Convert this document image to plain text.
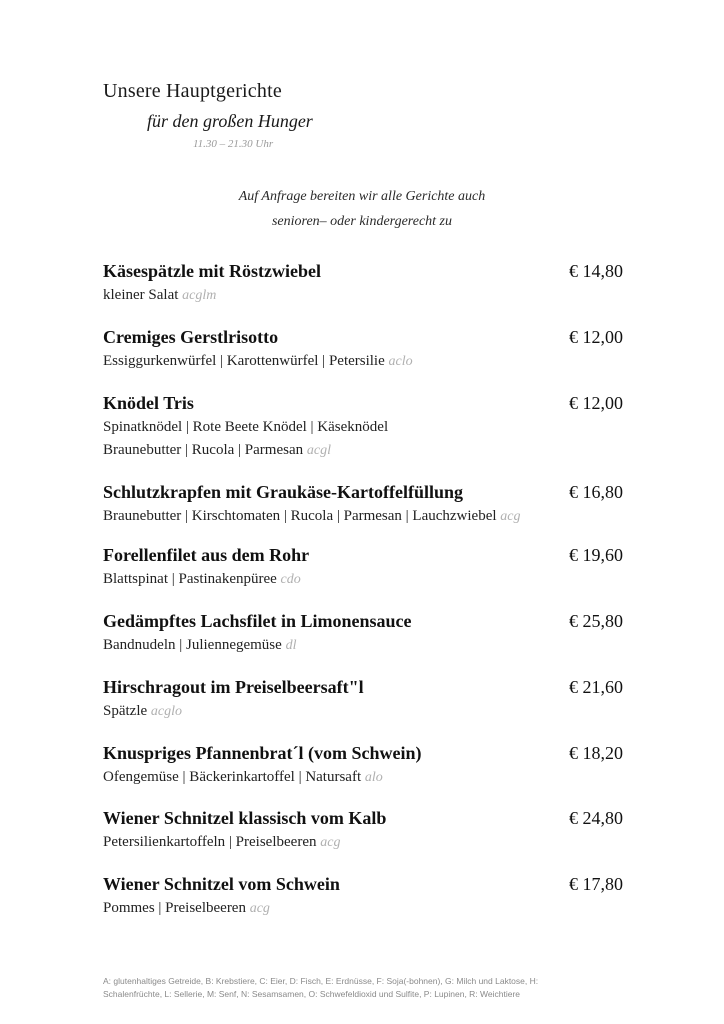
Unsere Hauptgerichte
für den großen Hunger
11.30 – 21.30 Uhr
Auf Anfrage bereiten wir alle Gerichte auch
senioren– oder kindergerecht zu
Käsespätzle mit Röstzwiebel	€ 14,80
kleiner Salat acglm
Cremiges Gerstlrisotto	€ 12,00
Essiggurkenwürfel | Karottenwürfel | Petersilie aclo
Knödel Tris	€ 12,00
Spinatknödel | Rote Beete Knödel | Käseknödel
Braunebutter | Rucola | Parmesan acgl
Schlutzkrapfen mit Graukäse-Kartoffelfüllung	€ 16,80
Braunebutter | Kirschtomaten | Rucola | Parmesan | Lauchzwiebel acg
Forellenfilet aus dem Rohr	€ 19,60
Blattspinat | Pastinakenpüree cdo
Gedämpftes Lachsfilet in Limonensauce	€ 25,80
Bandnudeln | Juliennegemüse dl
Hirschragout im Preiselbeersaft"l	€ 21,60
Spätzle acglo
Knuspriges Pfannenbrat´l (vom Schwein)	€ 18,20
Ofengemüse | Bäckerinkartoffel | Natursaft alo
Wiener Schnitzel klassisch vom Kalb	€ 24,80
Petersilienkartoffeln | Preiselbeeren acg
Wiener Schnitzel vom Schwein	€ 17,80
Pommes | Preiselbeeren acg
A: glutenhaltiges Getreide, B: Krebstiere, C: Eier, D: Fisch, E: Erdnüsse, F: Soja(-bohnen), G: Milch und Laktose, H:
Schalenfrüchte, L: Sellerie, M: Senf, N: Sesamsamen, O: Schwefeldioxid und Sulfite, P: Lupinen, R: Weichtiere
